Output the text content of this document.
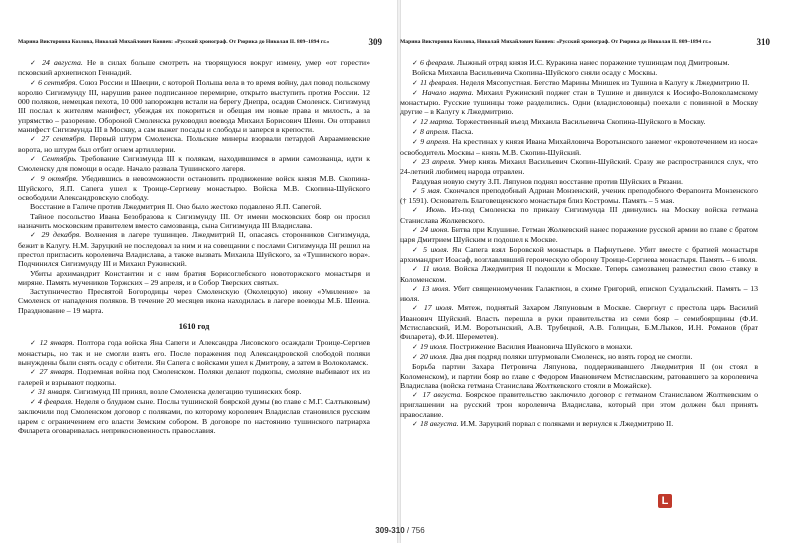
Марина Викторовна Козлова, Николай Михайлович Коняев: «Русский хронограф. От Рюрика до Николая II. 809–1894 гг.»	309

✓ 24 августа. Не в силах больше смотреть на творящуюся вокруг измену, умер «от горести» псковский архиепископ Геннадий.

✓ 6 сентября. Союз России и Швеции, с которой Польша вела в то время войну, дал повод польскому королю Сигизмунду III, нарушив ранее подписанное перемирие, открыто выступить против России. 12 000 поляков, немецкая пехота, 10 000 запорожцев встали на берегу Днепра, осадив Смоленск. Сигизмунд III послал к жителям манифест, убеждая их покориться и обещая им новые права и милость, а за упрямство – разорение. Обороной Смоленска руководил воевода Михаил Борисович Шеин. Он отправил манифест Сигизмунда III в Москву, а сам выжег посады и слободы и заперся в крепости.

✓ 27 сентября. Первый штурм Смоленска. Польские минеры взорвали петардой Авраамиевские ворота, но штурм был отбит огнем артиллерии.

✓ Сентябрь. Требование Сигизмунда III к полякам, находившимся в армии самозванца, идти к Смоленску для помощи в осаде. Начало развала Тушинского лагеря.

✓ 9 октября. Убедившись в невозможности остановить продвижение войск князя М.В. Скопина-Шуйского, Я.П. Сапега ушел к Троице-Сергиеву монастырю. Войска М.В. Скопина-Шуйского освободили Александровскую слободу.

Восстание в Галиче против Лжедмитрия II. Оно было жестоко подавлено Я.П. Сапегой.

Тайное посольство Ивана Безобразова к Сигизмунду III. От имени московских бояр он просил назначить московским правителем вместо самозванца, сына Сигизмунда III Владислава.

✓ 29 декабря. Волнения в лагере тушинцев. Лжедмитрий II, опасаясь сторонников Сигизмунда, бежит в Калугу. Н.М. Заруцкий не последовал за ним и на совещании с послами Сигизмунда III решил на престол пригласить королевича Владислава, а также вызвать Михаила Шуйского, за «Тушинского вора». Подчинился Сигизмунду III и Михаил Ружинский.

Убиты архимандрит Константин и с ним братия Борисоглебского новоторжского монастыря и миряне. Память мучеников Торжских – 29 апреля, и в Собор Тверских святых.

Заступничество Пресвятой Богородицы через Смоленскую (Околецкую) икону «Умиление» за Смоленск от нападения поляков. В течение 20 месяцев икона находилась в лагере воеводы М.Б. Шеина. Празднование – 19 марта.

1610 год

✓ 12 января. Полтора года войска Яна Сапеги и Александра Лисовского осаждали Троице-Сергиев монастырь, но так и не смогли взять его. После поражения под Александровской слободой поляки вынуждены были снять осаду с обители. Ян Сапега с войсками ушел к Дмитрову, а затем в Волоколамск.

✓ 27 января. Подземная война под Смоленском. Поляки делают подкопы, смоляне выбивают их из галерей и взрывают подкопы.

✓ 31 января. Сигизмунд III принял, возле Смоленска делегацию тушинских бояр.

✓ 4 февраля. Неделя о блудном сыне. Послы тушинской боярской думы (во главе с М.Г. Салтыковым) заключили под Смоленском договор с поляками, по которому королевич Владислав становился русским царем с ограничением его власти Земским собором. В договоре по настоянию тушинского патриарха Филарета оговаривалась неприкосновенность православия.

Марина Викторовна Козлова, Николай Михайлович Коняев: «Русский хронограф. От Рюрика до Николая II. 809–1894 гг.»	310

✓ 6 февраля. Лыжный отряд князя И.С. Куракина нанес поражение тушинцам под Дмитровым.

Войска Михаила Васильевича Скопина-Шуйского сняли осаду с Москвы.

✓ 11 февраля. Неделя Мясопустная. Бегство Марины Мнишек из Тушина в Калугу к Лжедмитрию II.

✓ Начало марта. Михаил Ружинский поджег стан в Тушине и двинулся к Иосифо-Волоколамскому монастырю. Русские тушинцы тоже разделились. Одни (владислововцы) поехали с повинной в Москву другие – в Калугу к Лжедмитрию.

✓ 12 марта. Торжественный въезд Михаила Васильевича Скопина-Шуйского в Москву.

✓ 8 апреля. Пасха.

✓ 9 апреля. На крестинах у князя Ивана Михайловича Воротынского занемог «кровотечением из носа» освободитель Москвы – князь М.В. Скопин-Шуйский.

✓ 23 апреля. Умер князь Михаил Васильевич Скопин-Шуйский. Сразу же распространился слух, что 24-летний любимец народа отравлен.

Раздувая новую смуту З.П. Ляпунов поднял восстание против Шуйских в Рязани.

✓ 5 мая. Скончался преподобный Адриан Монзенский, ученик преподобного Ферапонта Монзенского († 1591). Основатель Благовещенского монастыря близ Костромы. Память – 5 мая.

✓ Июнь. Из-под Смоленска по приказу Сигизмунда III двинулись на Москву войска гетмана Станислава Жолкевского.

✓ 24 июня. Битва при Клушине. Гетман Жолкевский нанес поражение русской армии во главе с братом царя Дмитрием Шуйским и подошел к Москве.

✓ 5 июля. Ян Сапега взял Боровской монастырь в Пафнутьеве. Убит вместе с братией монастыря архимандрит Иоасаф, возглавлявший героическую оборону Троице-Сергиева монастыря. Память – 6 июля.

✓ 11 июля. Войска Лжедмитрия II подошли к Москве. Теперь самозванец разместил свою ставку в Коломенском.

✓ 13 июля. Убит священномученик Галактион, в схиме Григорий, епископ Суздальский. Память – 13 июля.

✓ 17 июля. Мятеж, поднятый Захаром Ляпуновым в Москве. Свергнут с престола царь Василий Иванович Шуйский. Власть перешла в руки правительства из семи бояр – семибоярщины (Ф.И. Мстиславский, И.М. Воротынский, А.В. Трубецкой, А.В. Голицын, Б.М.Лыков, И.Н. Романов (брат Филарета), Ф.И. Шереметев).

✓ 19 июля. Пострижение Василия Ивановича Шуйского в монахи.

✓ 20 июля. Два дня подряд поляки штурмовали Смоленск, но взять город не смогли.

Борьба партии Захара Петровича Ляпунова, поддерживавшего Лжедмитрия II (он стоял в Коломенском), и партии бояр во главе с Федором Ивановичем Мстиславским, ратовавшего за королевича Владислава (войска гетмана Станислава Жолткевского стояли в Можайске).

✓ 17 августа. Боярское правительство заключило договор с гетманом Станиславом Жолткевским о приглашении на русский трон королевича Владислава, который при этом должен был принять православие.

✓ 18 августа. И.М. Заруцкий порвал с поляками и вернулся к Лжедмитрию II.

L
309-310 / 756
